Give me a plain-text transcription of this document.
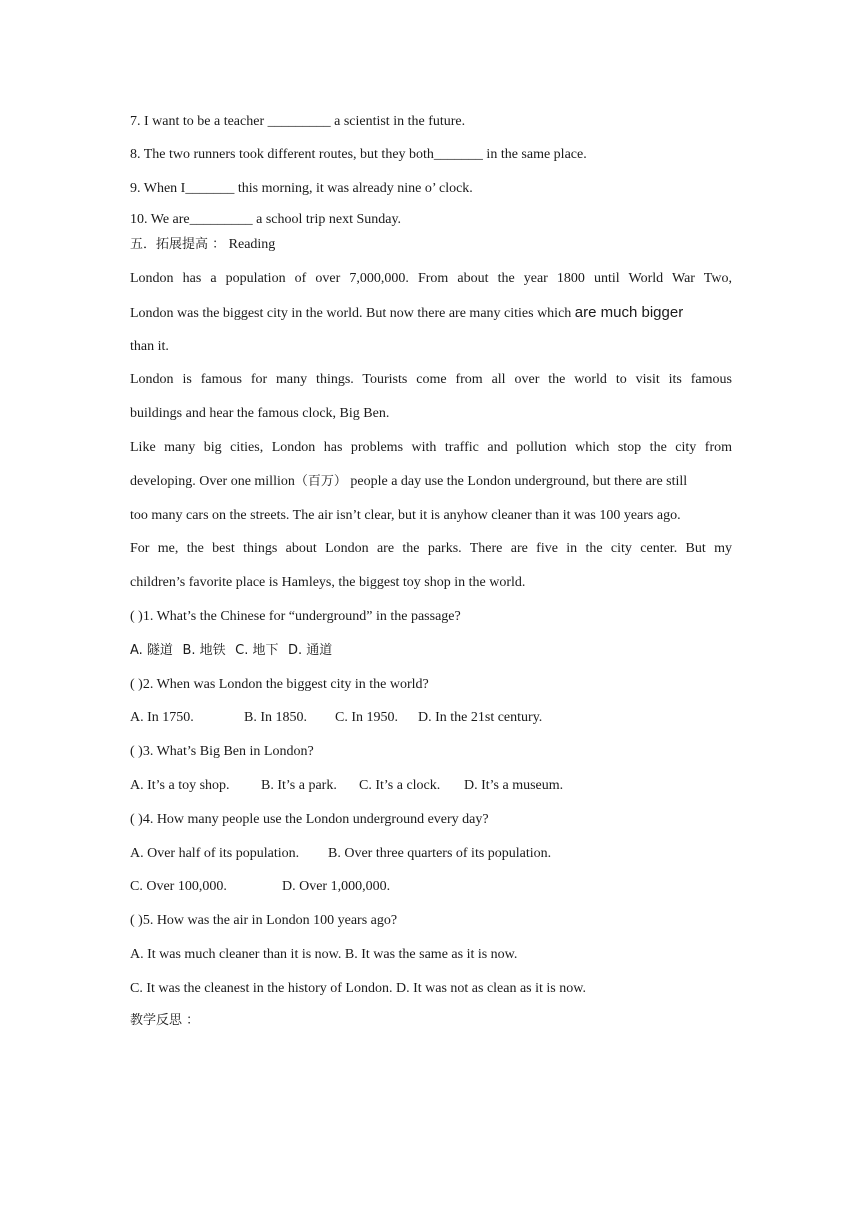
7. I want to be a teacher _________ a scientist in the future.
8. The two runners took different routes, but they both_______ in the same place.
9. When I_______ this morning, it was already nine o’ clock.
10. We are_________ a school trip next Sunday.
五．拓展提高 ： Reading
London has a population of over 7,000,000. From about the year 1800 until World War Two,
London was the biggest city in the world. But now there are many cities which are much bigger
than it.
London is famous for many things. Tourists come from all over the world to visit its famous
buildings and hear the famous clock, Big Ben.
Like many big cities, London has problems with traffic and pollution which stop the city from
developing. Over one million（百万） people a day use the London underground, but there are still
too many cars on the streets. The air isn’t clear, but it is anyhow cleaner than it was 100 years ago.
For me, the best things about London are the parks. There are five in the city center. But my
children’s favorite place is Hamleys, the biggest toy shop in the world.
( )1. What’s the Chinese for “underground” in the passage?
A. 隧道 B. 地铁 C. 地下 D. 通道
( )2. When was London the biggest city in the world?
A. In 1750.	B. In 1850. C. In 1950. D. In the 21st century.
( )3. What’s Big Ben in London?
A. It’s a toy shop. B. It’s a park. C. It’s a clock. D. It’s a museum.
( )4. How many people use the London underground every day?
A. Over half of its population. B. Over three quarters of its population.
C. Over 100,000.	D. Over 1,000,000.
( )5. How was the air in London 100 years ago?
A. It was much cleaner than it is now. B. It was the same as it is now.
C. It was the cleanest in the history of London. D. It was not as clean as it is now.
教学反思 ：
